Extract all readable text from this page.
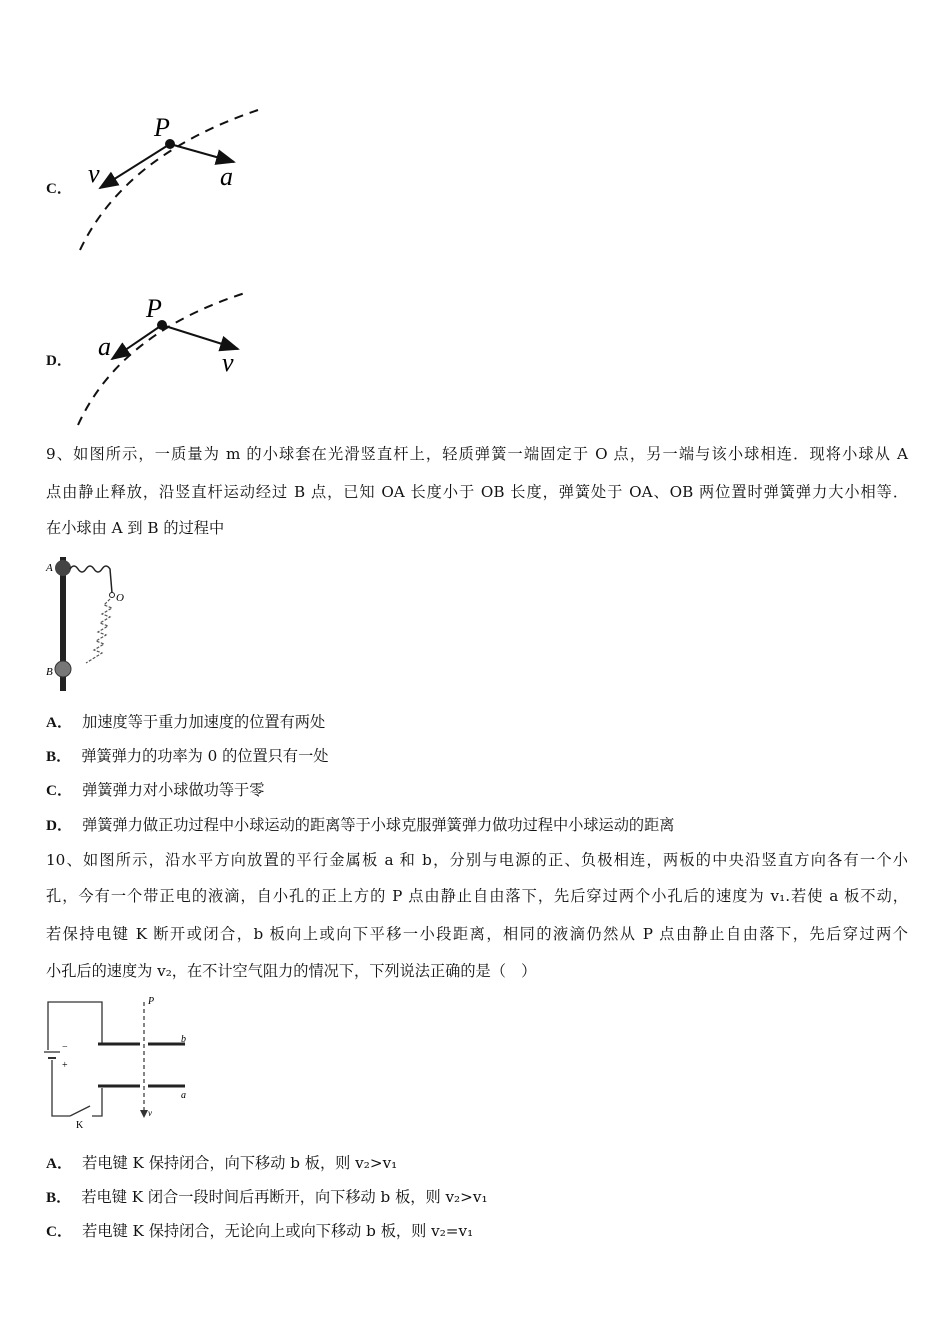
C．
P
v	a
D．
P
a
v
9、如图所示，一质量为 m 的小球套在光滑竖直杆上，轻质弹簧一端固定于 O 点，另一端与该小球相连．现将小球从 A
点由静止释放，沿竖直杆运动经过 B 点，已知 OA 长度小于 OB 长度，弹簧处于 OA、OB 两位置时弹簧弹力大小相等．
在小球由 A 到 B 的过程中
A
B
O
A． 加速度等于重力加速度的位置有两处
B． 弹簧弹力的功率为 0 的位置只有一处
C． 弹簧弹力对小球做功等于零
D． 弹簧弹力做正功过程中小球运动的距离等于小球克服弹簧弹力做功过程中小球运动的距离
10、如图所示，沿水平方向放置的平行金属板 a 和 b，分别与电源的正、负极相连，两板的中央沿竖直方向各有一个小
孔，今有一个带正电的液滴，自小孔的正上方的 P 点由静止自由落下，先后穿过两个小孔后的速度为 v₁.若使 a 板不动，
若保持电键 K 断开或闭合，b 板向上或向下平移一小段距离，相同的液滴仍然从 P 点由静止自由落下，先后穿过两个
小孔后的速度为 v₂，在不计空气阻力的情况下，下列说法正确的是（　）
P
b
a
v
K
−
+
A． 若电键 K 保持闭合，向下移动 b 板，则 v₂>v₁
B． 若电键 K 闭合一段时间后再断开，向下移动 b 板，则 v₂>v₁
C． 若电键 K 保持闭合，无论向上或向下移动 b 板，则 v₂=v₁
